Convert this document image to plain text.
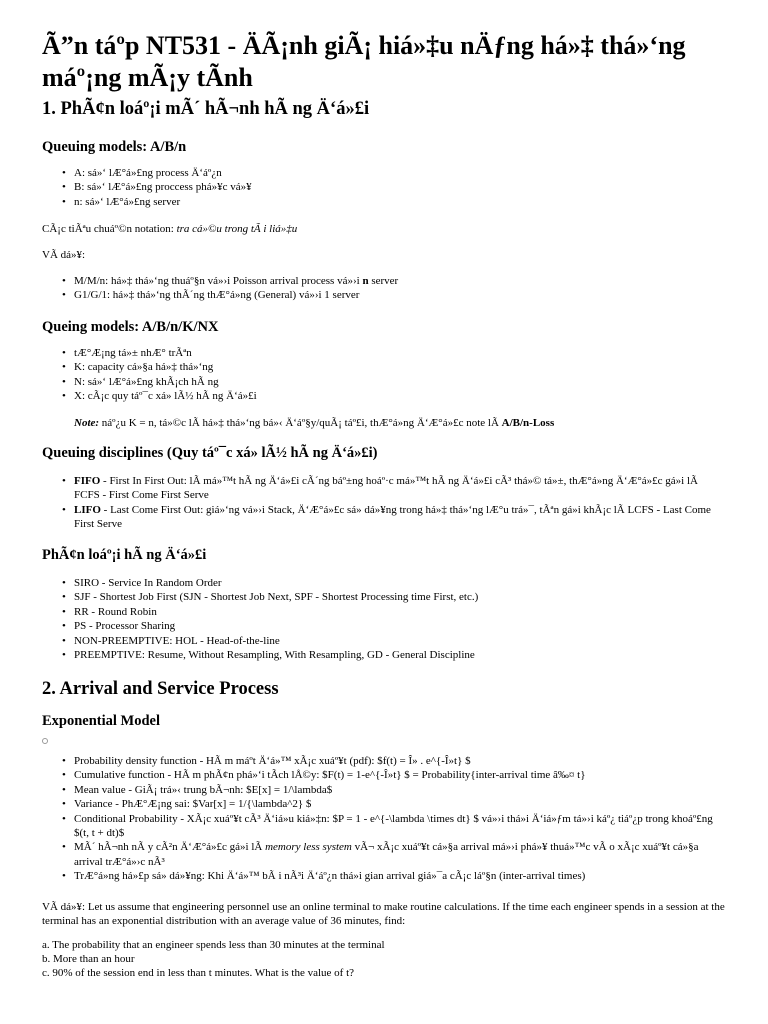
Ã”n táºp NT531 - ÄÃ¡nh giÃ¡ hiá»‡u nÄƒng há»‡ thá»‘ng máº¡ng mÃ¡y tÃnh
1. PhÃ¢n loáº¡i mÃ´ hÃ¬nh hÃ ng Ä‘á»£i
Queuing models: A/B/n
• A: sá»‘ lÆ°á»£ng process Ä‘áº¿n
• B: sá»‘ lÆ°á»£ng proccess phá»¥c vá»¥
• n: sá»‘ lÆ°á»£ng server

CÃ¡c tiÃªu chuáº©n notation: tra cá»©u trong tÃ i liá»‡u

VÃ dá»¥:

• M/M/n: há»‡ thá»‘ng thuáº§n vá»›i Poisson arrival process vá»›i n server
• G1/G/1: há»‡ thá»‘ng thÃ´ng thÆ°á»ng (General) vá»›i 1 server
Queing models: A/B/n/K/NX
• tÆ°Æ¡ng tá»± nhÆ° trÃªn
• K: capacity cá»§a há»‡ thá»‘ng
• N: sá»‘ lÆ°á»£ng khÃ¡ch hÃ ng
• X: cÃ¡c quy táº¯c xá» lÃ½ hÃ ng Ä‘á»£i

Note: náº¿u K = n, tá»©c lÃ há»‡ thá»‘ng bá»‹ Ä‘áº§y/quÃ¡ táº£i, thÆ°á»ng Ä‘Æ°á»£c note lÃ A/B/n-Loss

Queuing disciplines (Quy táº¯c xá» lÃ½ hÃ ng Ä‘á»£i)
• FIFO - First In First Out: lÃ má»™t hÃ ng Ä‘á»£i cÃ´ng báº±ng hoáº·c má»™t hÃ ng Ä‘á»£i cÃ³ thá»© tá»±, thÆ°á»ng Ä‘Æ°á»£c gá»i lÃ FCFS - First Come First Serve
• LIFO - Last Come First Out: giá»‘ng vá»›i Stack, Ä‘Æ°á»£c sá» dá»¥ng trong há»‡ thá»‘ng lÆ°u trá»¯, tÃªn gá»i khÃ¡c lÃ LCFS - Last Come First Serve
PhÃ¢n loáº¡i hÃ ng Ä‘á»£i
• SIRO - Service In Random Order
• SJF - Shortest Job First (SJN - Shortest Job Next, SPF - Shortest Processing time First, etc.)
• RR - Round Robin
• PS - Processor Sharing
• NON-PREEMPTIVE: HOL - Head-of-the-line
• PREEMPTIVE: Resume, Without Resampling, With Resampling, GD - General Discipline
2. Arrival and Service Process
Exponential Model
• Probability density function - HÃ m máºt Ä‘á»™ xÃ¡c xuáº¥t (pdf): $f(t) = Î» . e^{-Î»t} $
• Cumulative function - HÃ m phÃ¢n phá»‘i tÃch lÅ©y: $F(t) = 1-e^{-Î»t} $ = Probability{inter-arrival time â‰¤ t}
• Mean value - GiÃ¡ trá»‹ trung bÃ¬nh: $E[x] = 1/\lambda$
• Variance - PhÆ°Æ¡ng sai: $Var[x] = 1/{\lambda^2} $
• Conditional Probability - XÃ¡c xuáº¥t cÃ³ Ä‘iá»u kiá»‡n: $P = 1 - e^{-\lambda \times dt} $ vá»›i thá»i Ä‘iá»ƒm tá»›i káº¿ tiáº¿p trong khoáº£ng $(t, t + dt)$
• MÃ´ hÃ¬nh nÃ y cÃ²n Ä‘Æ°á»£c gá»i lÃ memory less system vÃ¬ xÃ¡c xuáº¥t cá»§a arrival má»›i phá»¥ thuá»™c vÃ o xÃ¡c xuáº¥t cá»§a arrival trÆ°á»›c nÃ³
• TrÆ°á»ng há»£p sá» dá»¥ng: Khi Ä‘á»™ bÃ i nÃ³i Ä‘áº¿n thá»i gian arrival giá»¯a cÃ¡c láº§n (inter-arrival times)

VÃ dá»¥: Let us assume that engineering personnel use an online terminal to make routine calculations. If the time each engineer spends in a session at the terminal has an exponential distribution with an average value of 36 minutes, find:

a. The probability that an engineer spends less than 30 minutes at the terminal
b. More than an hour
c. 90% of the session end in less than t minutes. What is the value of t?
